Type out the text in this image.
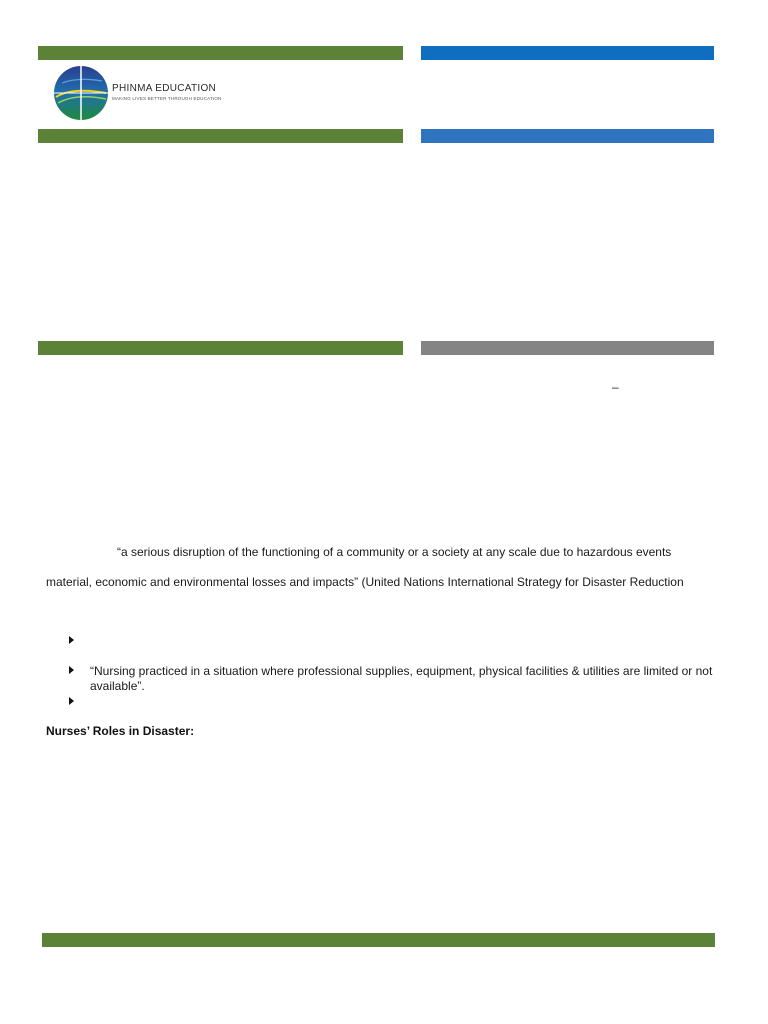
PHINMA EDUCATION
MAKING LIVES BETTER THROUGH EDUCATION
–
“a serious disruption of the functioning of a community or a society at any scale due to hazardous events
material, economic and environmental losses and impacts” (United Nations International Strategy for Disaster Reduction
“Nursing practiced in a situation where professional supplies, equipment, physical facilities & utilities are limited or not available”.
Nurses’ Roles in Disaster:
